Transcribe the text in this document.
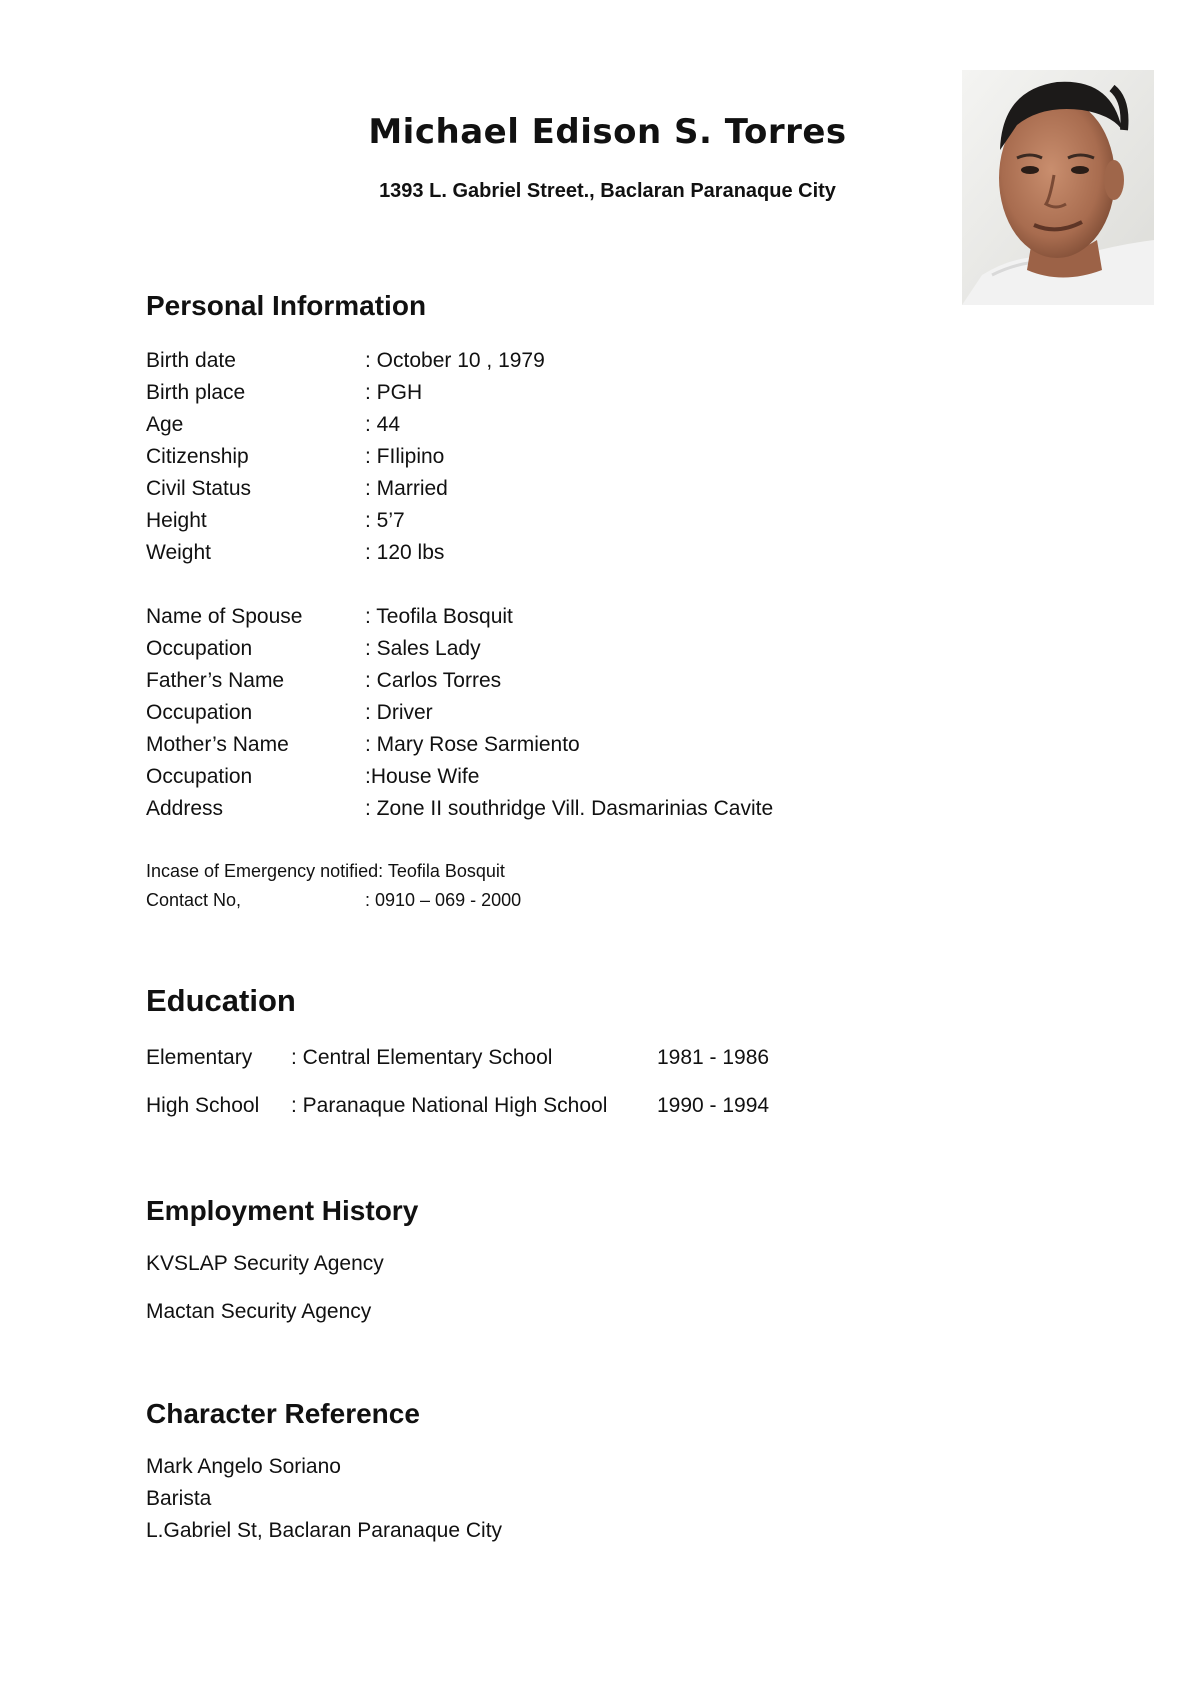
Michael Edison S. Torres
1393 L. Gabriel Street., Baclaran Paranaque City
Personal Information
Birth date	: October 10 , 1979
Birth place	: PGH
Age	: 44
Citizenship	: FIlipino
Civil Status	: Married
Height	: 5’7
Weight	: 120 lbs
Name of Spouse	: Teofila Bosquit
Occupation	: Sales Lady
Father’s Name	: Carlos Torres
Occupation	: Driver
Mother’s Name	: Mary Rose Sarmiento
Occupation	:House Wife
Address	: Zone II southridge Vill. Dasmarinias Cavite
Incase of Emergency notified : Teofila Bosquit
Contact No,	: 0910 – 069 - 2000
Education
Elementary	: Central Elementary School	1981 - 1986
High School	: Paranaque National High School	1990 - 1994
Employment History
KVSLAP Security Agency
Mactan Security Agency
Character Reference
Mark Angelo Soriano
Barista
L.Gabriel St, Baclaran Paranaque City
